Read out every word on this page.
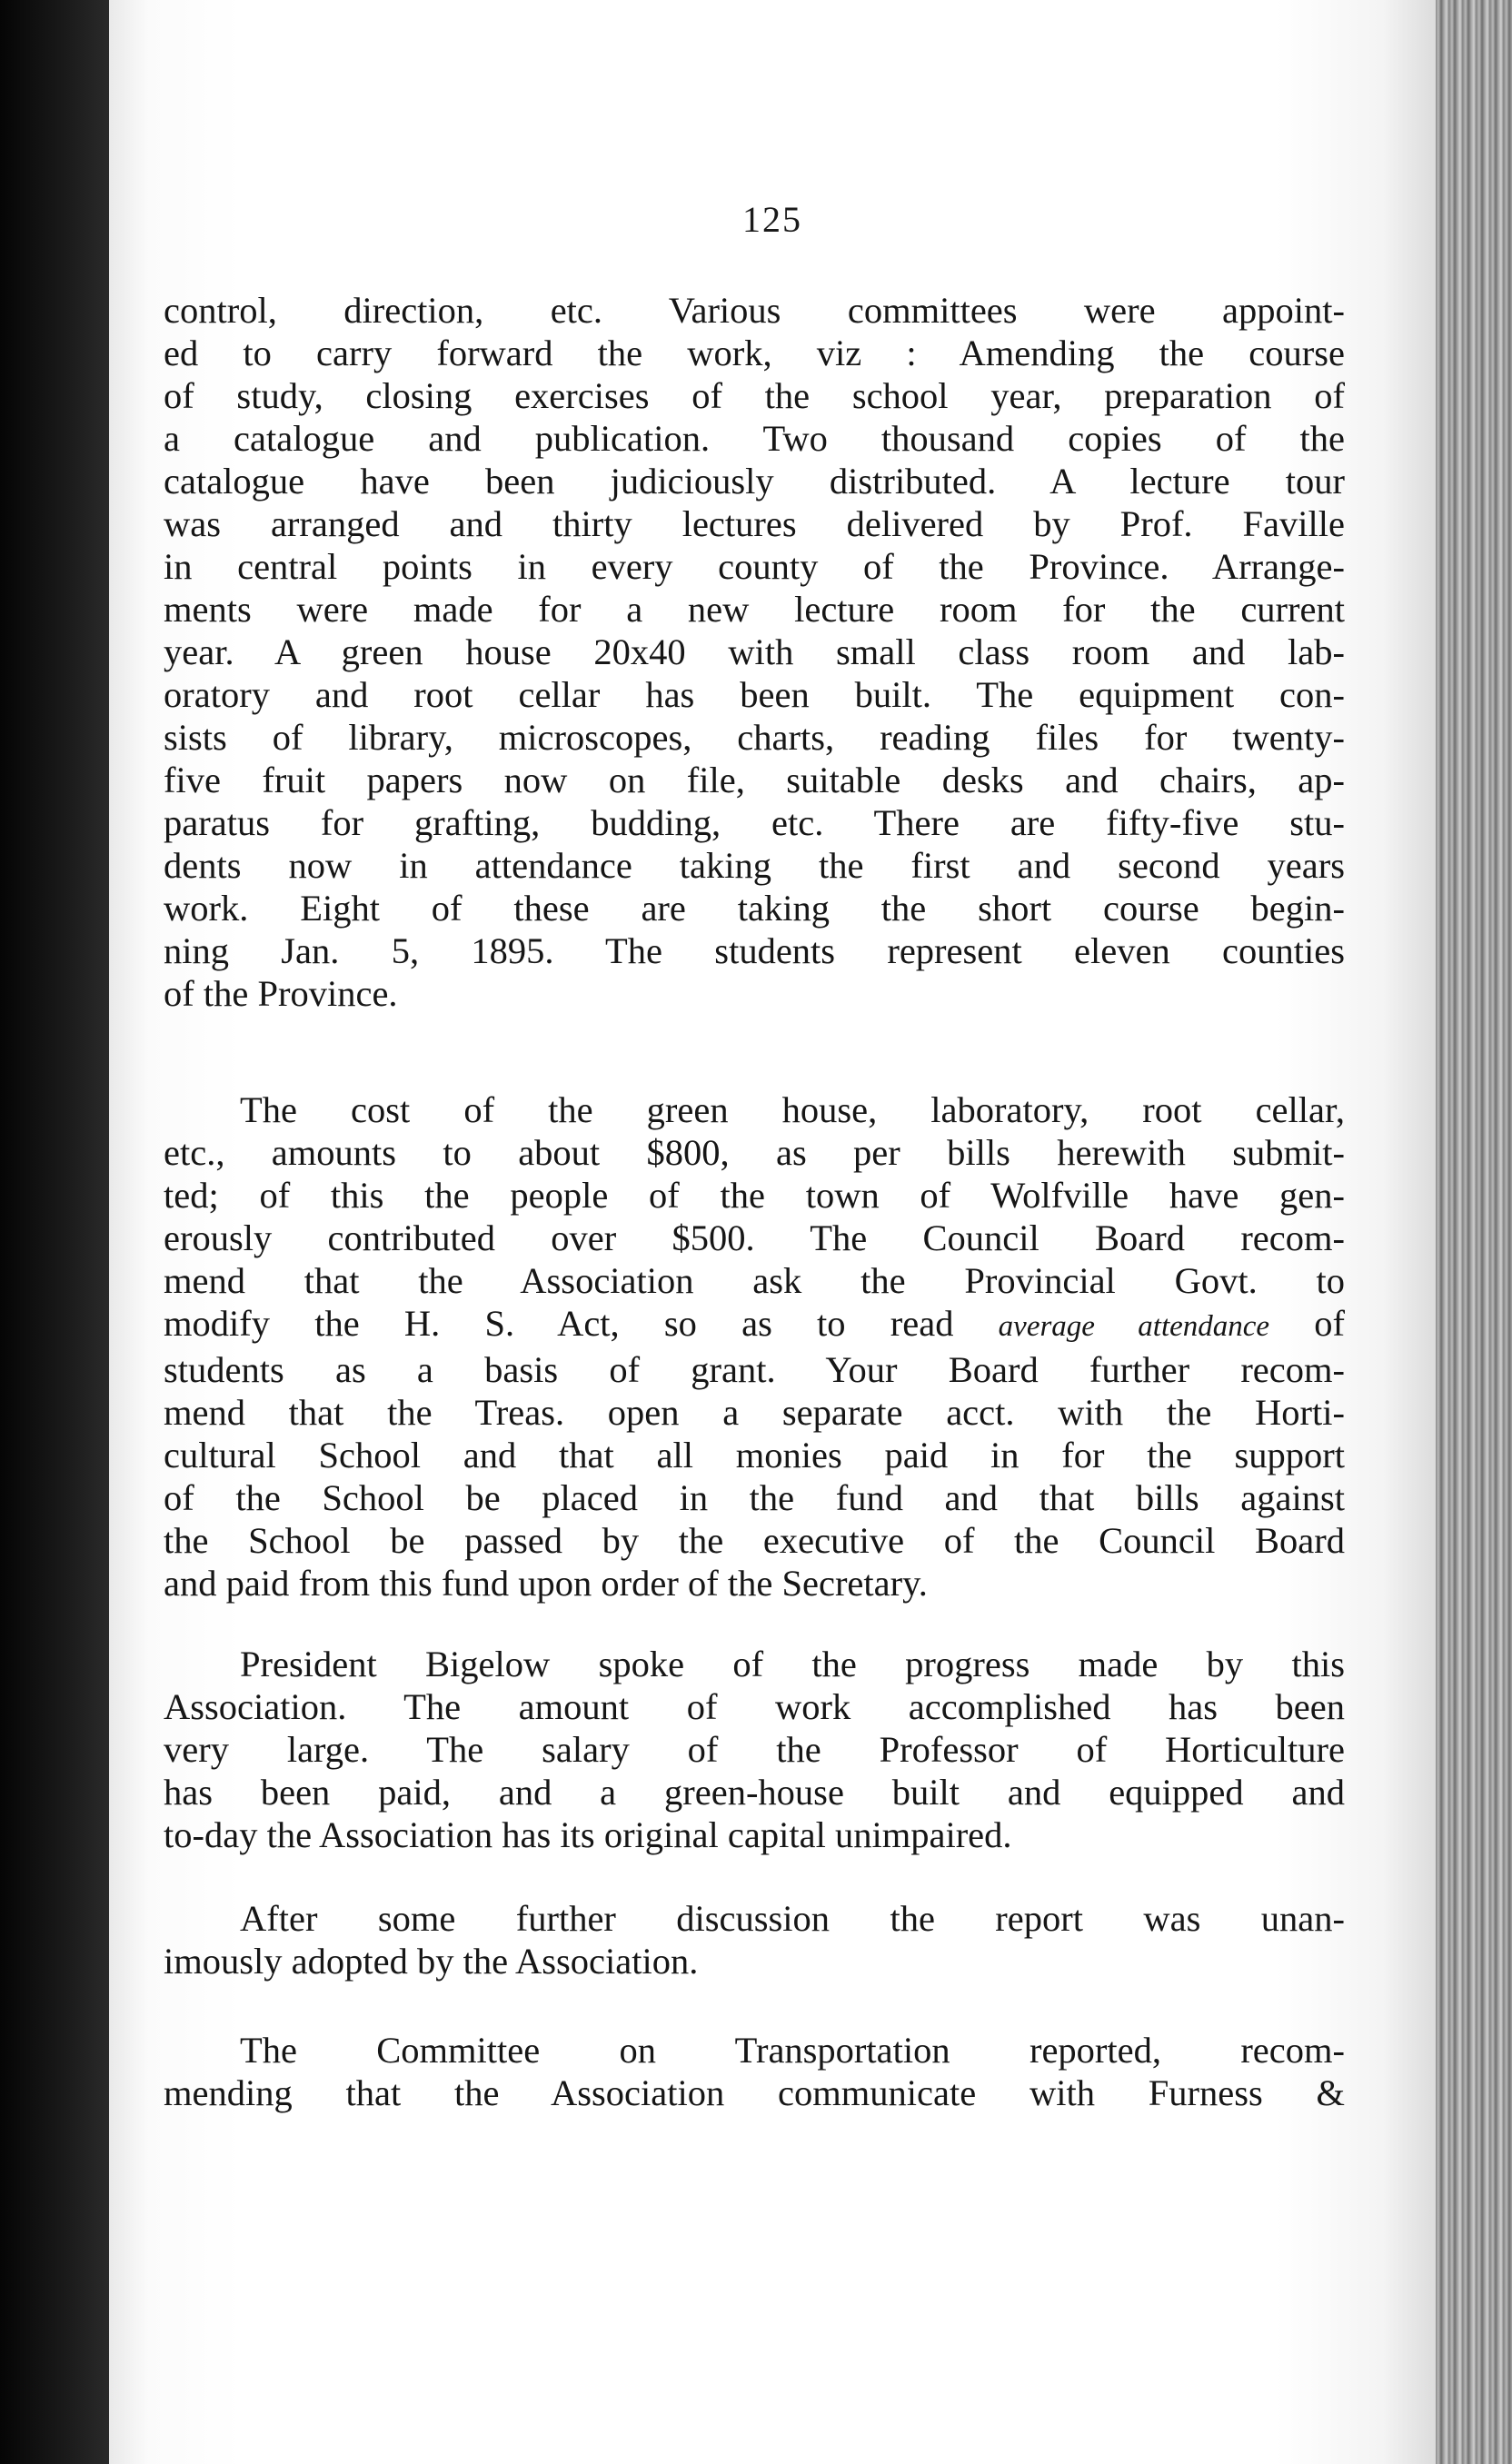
125
control, direction, etc. Various committees were appoint-
ed to carry forward the work, viz : Amending the course
of study, closing exercises of the school year, preparation of
a catalogue and publication. Two thousand copies of the
catalogue have been judiciously distributed. A lecture tour
was arranged and thirty lectures delivered by Prof. Faville
in central points in every county of the Province. Arrange-
ments were made for a new lecture room for the current
year. A green house 20x40 with small class room and lab-
oratory and root cellar has been built. The equipment con-
sists of library, microscopes, charts, reading files for twenty-
five fruit papers now on file, suitable desks and chairs, ap-
paratus for grafting, budding, etc. There are fifty-five stu-
dents now in attendance taking the first and second years
work. Eight of these are taking the short course begin-
ning Jan. 5, 1895. The students represent eleven counties
of the Province.
The cost of the green house, laboratory, root cellar,
etc., amounts to about $800, as per bills herewith submit-
ted; of this the people of the town of Wolfville have gen-
erously contributed over $500. The Council Board recom-
mend that the Association ask the Provincial Govt. to
modify the H. S. Act, so as to read average attendance of
students as a basis of grant. Your Board further recom-
mend that the Treas. open a separate acct. with the Horti-
cultural School and that all monies paid in for the support
of the School be placed in the fund and that bills against
the School be passed by the executive of the Council Board
and paid from this fund upon order of the Secretary.
President Bigelow spoke of the progress made by this
Association. The amount of work accomplished has been
very large. The salary of the Professor of Horticulture
has been paid, and a green-house built and equipped and
to-day the Association has its original capital unimpaired.
After some further discussion the report was unan-
imously adopted by the Association.
The Committee on Transportation reported, recom-
mending that the Association communicate with Furness &
